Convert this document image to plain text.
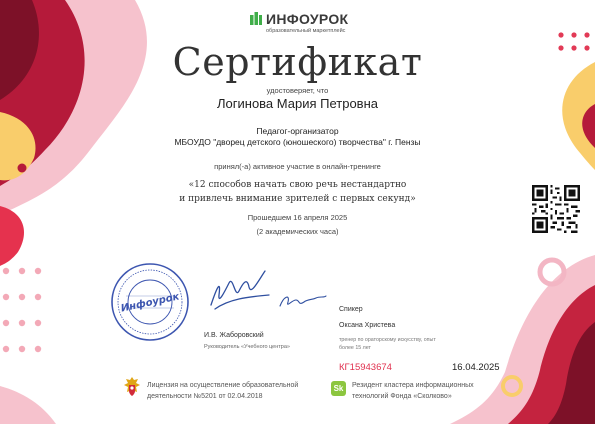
ИНФОУРОК
образовательный маркетплейс
Сертификат
удостоверяет, что
Логинова Мария Петровна
Педагог-организатор
МБОУДО "дворец детского (юношеского) творчества" г. Пензы
принял(-а) активное участие в онлайн-тренинге
«12 способов начать свою речь нестандартно
и привлечь внимание зрителей с первых секунд»
Прошедшем 16 апреля 2025
(2 академических часа)
Инфоурок
И.В. Жаборовский
Руководитель «Учебного центра»
Спикер
Оксана Христева
тренер по ораторскому искусству, опыт более 15 лет
КГ15943674	16.04.2025
Лицензия на осуществление образовательной деятельности №5201 от 02.04.2018
Sk	Резидент кластера информационных технологий Фонда «Сколково»
